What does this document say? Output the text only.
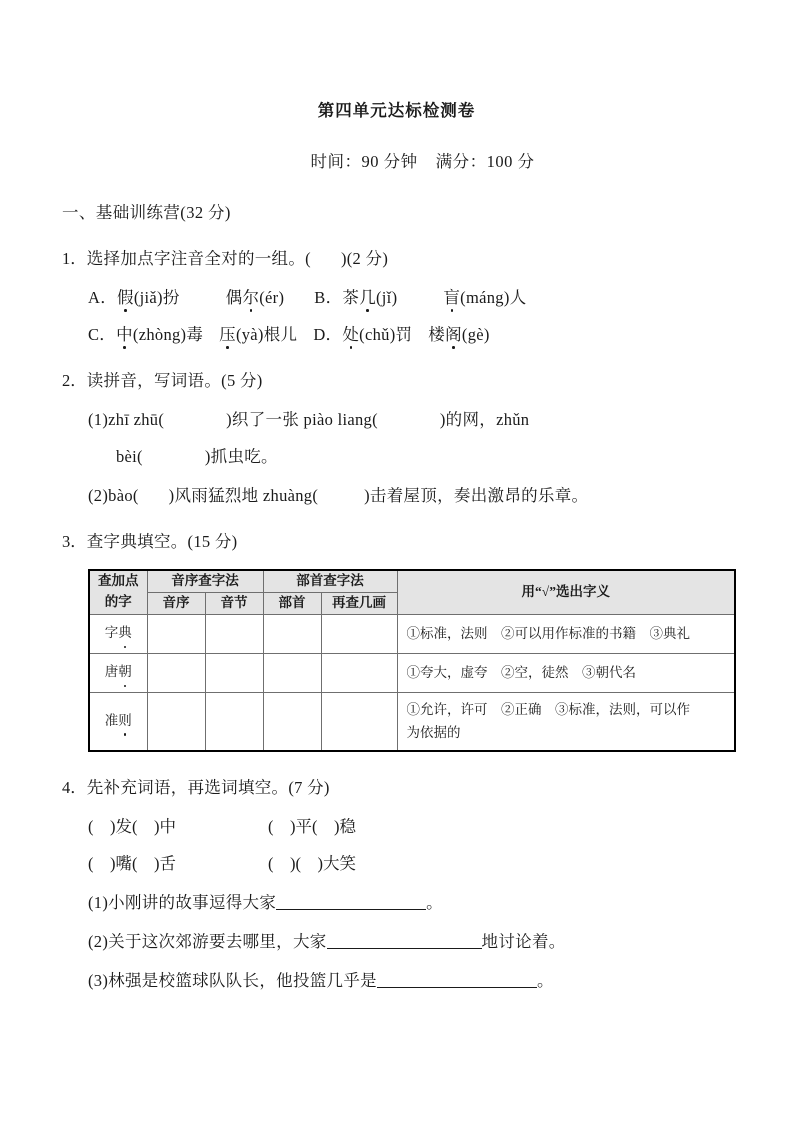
第四单元达标检测卷

时间：90 分钟 满分：100 分

一、基础训练营(32 分)

1．选择加点字注音全对的一组。( )(2 分)

A．假(jiǎ)扮	偶尔(ér) B．茶几(jǐ)	盲(máng)人

C．中(zhòng)毒 压(yà)根儿 D．处(chǔ)罚 楼阁(gè)

2．读拼音，写词语。(5 分)

(1)zhī zhū(	)织了一张 piào liang(	)的网，zhǔn

bèi(	)抓虫吃。

(2)bào( )风雨猛烈地 zhuàng(	)击着屋顶，奏出激昂的乐章。

3．查字典填空。(15 分)

查加点
的字	音序查字法		部首查字法		用“√”选出字义
	音序	音节	部首	再查几画	
字典					①标准，法则　②可以用作标准的书籍　③典礼
唐朝					①夸大，虚夸　②空，徒然　③朝代名
准则					①允许，许可　②正确　③标准，法则，可以作
为依据的

4．先补充词语，再选词填空。(7 分)

(　)发(　)中	(　)平(　)稳

(　)嘴(　)舌	(　)(　)大笑

(1)小刚讲的故事逗得大家	。

(2)关于这次郊游要去哪里，大家	地讨论着。

(3)林强是校篮球队队长，他投篮几乎是	。
